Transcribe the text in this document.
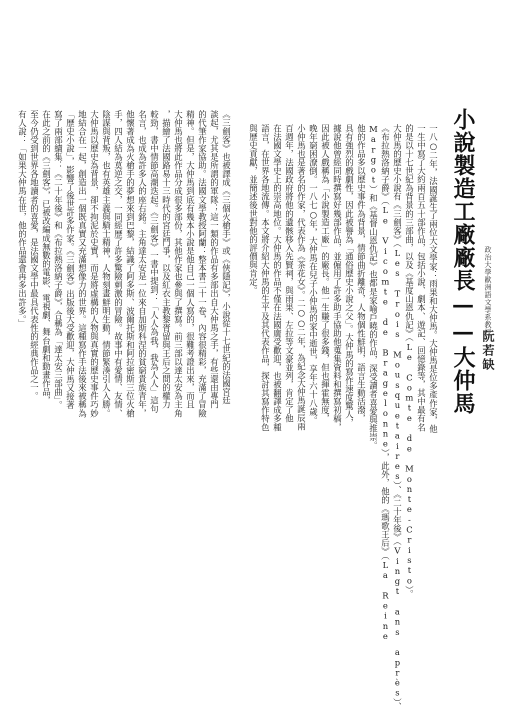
小說製造工廠廠長——大仲馬	政治大學歐洲語文學系教授
阮若缺
一八○二年，法國誕生了兩位大文學家：雨果和大仲馬。大仲馬是位多產作家，他
一生中寫了大約兩百五十部作品，包括小說、劇本、遊記、回憶錄等，其中最有名
的是以十七世紀為背景的三部曲，以及《基度山恩仇記》（Le Comte de Monte-Cristo）。
大仲馬的歷史小說有《三劍客》（Les Trois Mousquetaires）、《二十年後》（Vingt ans après）、
《布拉熱洛納子爵》（Le Vicomte de Bragelonne），此外，他的《瑪歌王后》（La Reine
Margot）和《基督山恩仇記》也都是家喻戶曉的作品，深受讀者喜愛與推崇。
他的作品多以歷史事件為背景，情節曲折離奇，人物個性鮮明，語言生動活潑，
具有強烈的戲劇性，因此被譽為「通俗歷史小說之父」。大仲馬的寫作速度驚人，
據說他曾經同時撰寫好幾部作品，並僱用了許多助手協助他蒐集資料和撰寫初稿，
因此被人戲稱為「小說製造工廠」的廠長。他一生賺了很多錢，但也揮霍無度，
晚年窮困潦倒。一八七○年，大仲馬在兒子小仲馬的家中逝世，享年六十八歲。
小仲馬也是著名的作家，代表作為《茶花女》。二○○二年，為紀念大仲馬誕辰兩
百週年，法國政府將他的遺骸移入先賢祠，與雨果、左拉等文豪並列，肯定了他
在法國文學史上的崇高地位。大仲馬的作品不僅在法國廣受歡迎，也被翻譯成多種
語言，在世界各地流傳。本文將介紹大仲馬的生平及其代表作品，探討其寫作特色
與歷史貢獻，並簡述後世對他的評價與肯定。
《三劍客》也被譯成《三個火槍手》或《俠隱記》，小說從十七世紀的法國宮廷
談起，尤其是所謂的軍隊；這一類的作品有多部出自大仲馬之手，有些還由專門
的代筆作家協助。法國文學教授阿蘭：整本書二十一卷，內容很精彩，充滿了冒險
精神。但是，大仲馬到底有幾本小說是他自己一個人寫的，很難考證出來，而且
大仲馬也將此作品分成很多部份，其他作家也參與了撰寫。前三部以達太安為主角
，描繪了法國路易十三時代的宮廷鬥爭，以及紅衣主教黎胥留與王后之間的權力
較勁，書中情節高潮迭起。《三劍客》一書中提到：「人人為我，我為人人」這句
名言，也成為許多人的座右銘。主角達太安是一位來自加斯科涅的貧窮貴族青年，
他懷著成為火槍手的夢想來到巴黎，結識了阿多斯、波爾托斯和阿拉密斯三位火槍
手，四人結為莫逆之交，一同經歷了許多驚險刺激的冒險。故事中有愛情、友情、
陰謀與背叛，也有英雄主義與騎士精神，人物刻畫鮮明生動，情節緊湊引人入勝。
大仲馬以歷史為背景，卻不拘泥於史實，而是將虛構的人物與真實的歷史事件巧妙
地結合在一起，創造出一個既真實又充滿想像力的世界。這種寫作手法後來被稱為
「歷史小說」，影響了後世許多作家。《三劍客》出版後大受歡迎，大仲馬又接著
寫了兩部續集：《二十年後》和《布拉熱洛納子爵》，合稱為「達太安三部曲」。
在此之前的《三劍客》，已被改編成無數的電影、電視劇、舞台劇和動畫作品，
至今仍受到世界各地讀者的喜愛，是法國文學中最具代表性的經典作品之一。
有人說：「如果大仲馬在世，他的作品還會再多出許多。」
